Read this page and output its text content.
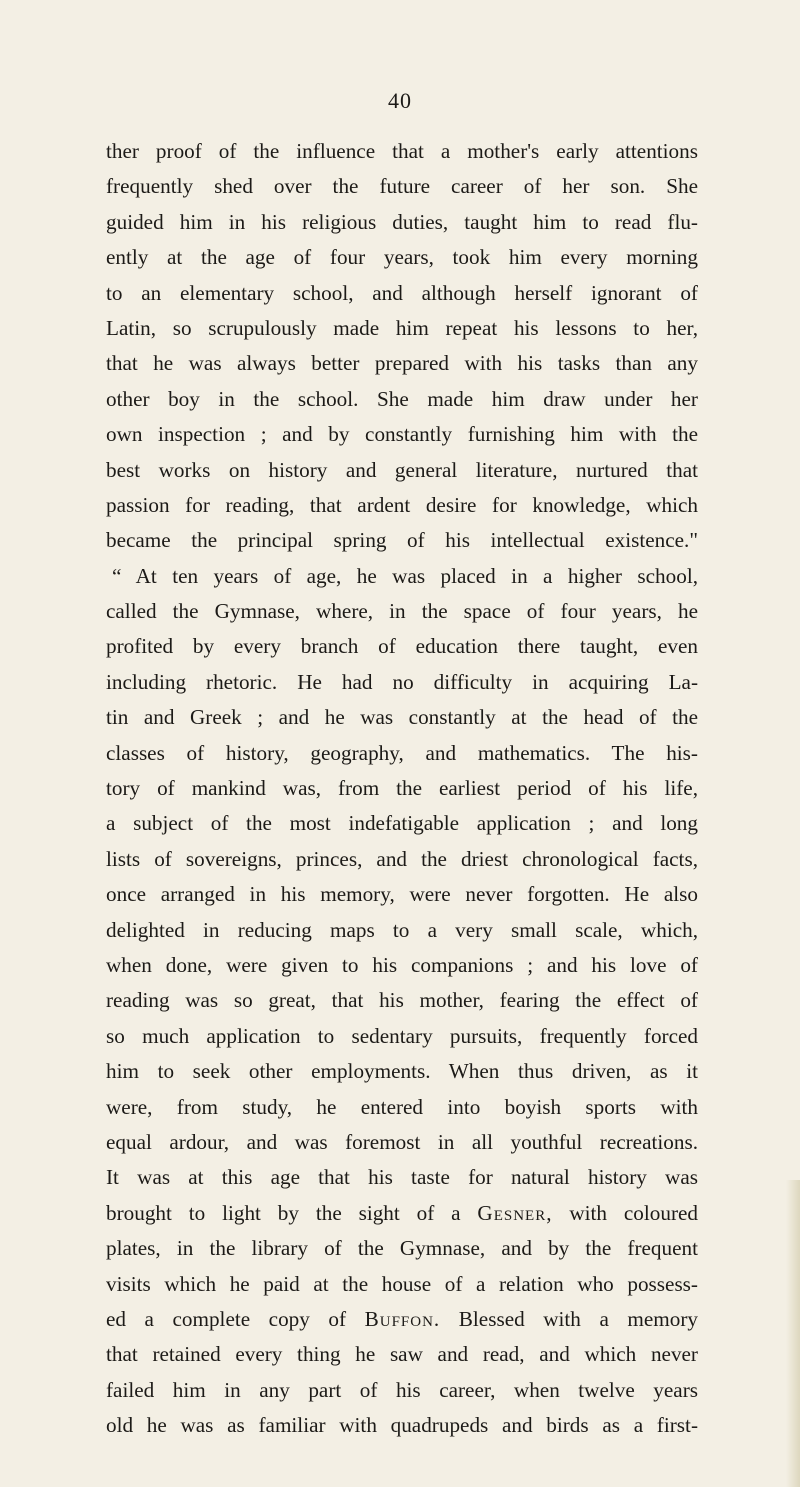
40
ther proof of the influence that a mother's early attentions
frequently shed over the future career of her son. She
guided him in his religious duties, taught him to read flu-
ently at the age of four years, took him every morning
to an elementary school, and although herself ignorant of
Latin, so scrupulously made him repeat his lessons to her,
that he was always better prepared with his tasks than any
other boy in the school. She made him draw under her
own inspection ; and by constantly furnishing him with the
best works on history and general literature, nurtured that
passion for reading, that ardent desire for knowledge, which
became the principal spring of his intellectual existence."
“ At ten years of age, he was placed in a higher school,
called the Gymnase, where, in the space of four years, he
profited by every branch of education there taught, even
including rhetoric. He had no difficulty in acquiring La-
tin and Greek ; and he was constantly at the head of the
classes of history, geography, and mathematics. The his-
tory of mankind was, from the earliest period of his life,
a subject of the most indefatigable application ; and long
lists of sovereigns, princes, and the driest chronological facts,
once arranged in his memory, were never forgotten. He also
delighted in reducing maps to a very small scale, which,
when done, were given to his companions ; and his love of
reading was so great, that his mother, fearing the effect of
so much application to sedentary pursuits, frequently forced
him to seek other employments. When thus driven, as it
were, from study, he entered into boyish sports with
equal ardour, and was foremost in all youthful recreations.
It was at this age that his taste for natural history was
brought to light by the sight of a Gesner, with coloured
plates, in the library of the Gymnase, and by the frequent
visits which he paid at the house of a relation who possess-
ed a complete copy of Buffon. Blessed with a memory
that retained every thing he saw and read, and which never
failed him in any part of his career, when twelve years
old he was as familiar with quadrupeds and birds as a first-
